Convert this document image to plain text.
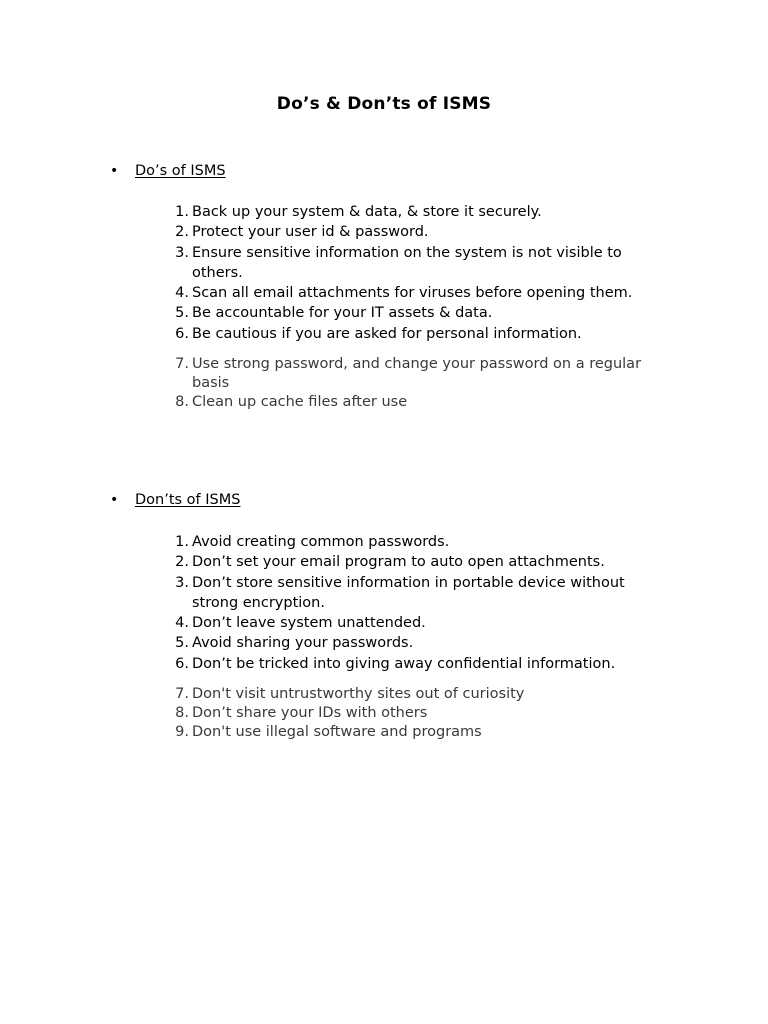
Do’s & Don’ts of ISMS
• Do’s of ISMS
1. Back up your system & data, & store it securely.
2. Protect your user id & password.
3. Ensure sensitive information on the system is not visible to others.
4. Scan all email attachments for viruses before opening them.
5. Be accountable for your IT assets & data.
6. Be cautious if you are asked for personal information.
7. Use strong password, and change your password on a regular basis
8. Clean up cache files after use
• Don’ts of ISMS
1. Avoid creating common passwords.
2. Don’t set your email program to auto open attachments.
3. Don’t store sensitive information in portable device without strong encryption.
4. Don’t leave system unattended.
5. Avoid sharing your passwords.
6. Don’t be tricked into giving away confidential information.
7. Don't visit untrustworthy sites out of curiosity
8. Don’t share your IDs with others
9. Don't use illegal software and programs
